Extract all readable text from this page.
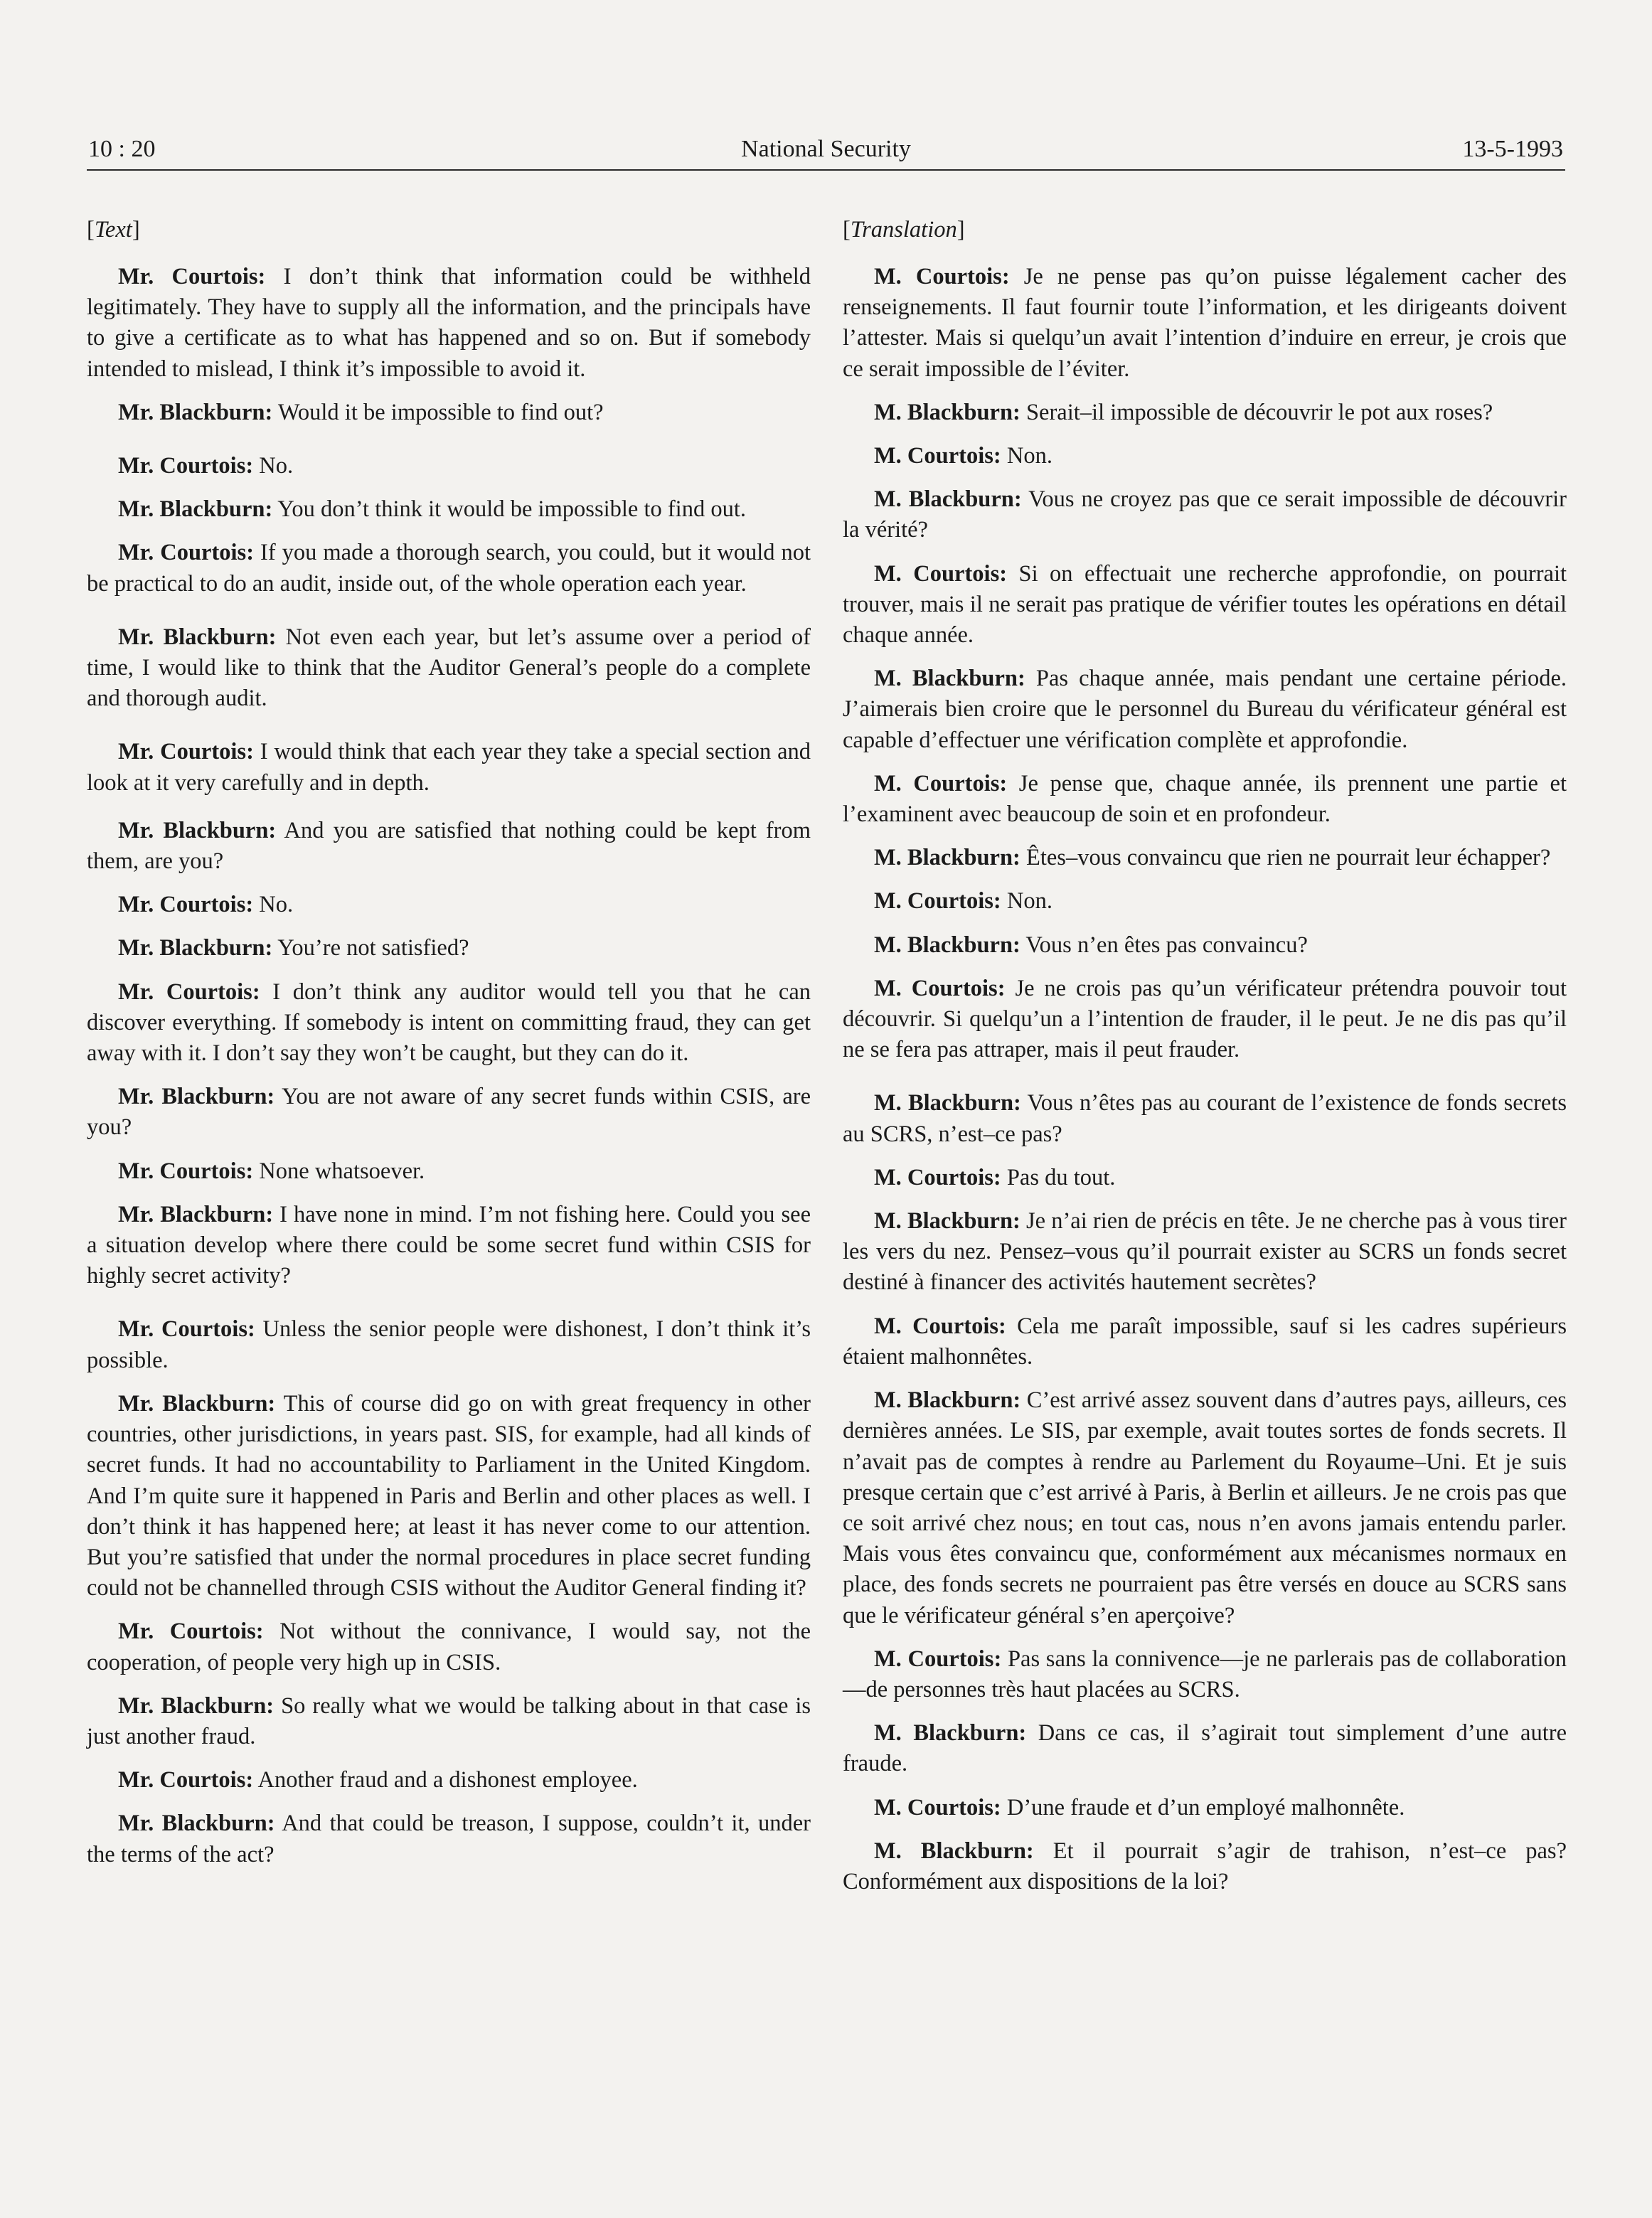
10 : 20	National Security	13-5-1993
[Text]

Mr. Courtois: I don’t think that information could be withheld legitimately. They have to supply all the information, and the principals have to give a certificate as to what has happened and so on. But if somebody intended to mislead, I think it’s impossible to avoid it.

Mr. Blackburn: Would it be impossible to find out?

Mr. Courtois: No.

Mr. Blackburn: You don’t think it would be impossible to find out.

Mr. Courtois: If you made a thorough search, you could, but it would not be practical to do an audit, inside out, of the whole operation each year.

Mr. Blackburn: Not even each year, but let’s assume over a period of time, I would like to think that the Auditor General’s people do a complete and thorough audit.

Mr. Courtois: I would think that each year they take a special section and look at it very carefully and in depth.

Mr. Blackburn: And you are satisfied that nothing could be kept from them, are you?

Mr. Courtois: No.

Mr. Blackburn: You’re not satisfied?

Mr. Courtois: I don’t think any auditor would tell you that he can discover everything. If somebody is intent on committing fraud, they can get away with it. I don’t say they won’t be caught, but they can do it.

Mr. Blackburn: You are not aware of any secret funds within CSIS, are you?

Mr. Courtois: None whatsoever.

Mr. Blackburn: I have none in mind. I’m not fishing here. Could you see a situation develop where there could be some secret fund within CSIS for highly secret activity?

Mr. Courtois: Unless the senior people were dishonest, I don’t think it’s possible.

Mr. Blackburn: This of course did go on with great frequency in other countries, other jurisdictions, in years past. SIS, for example, had all kinds of secret funds. It had no accountability to Parliament in the United Kingdom. And I’m quite sure it happened in Paris and Berlin and other places as well. I don’t think it has happened here; at least it has never come to our attention. But you’re satisfied that under the normal procedures in place secret funding could not be channelled through CSIS without the Auditor General finding it?

Mr. Courtois: Not without the connivance, I would say, not the cooperation, of people very high up in CSIS.

Mr. Blackburn: So really what we would be talking about in that case is just another fraud.

Mr. Courtois: Another fraud and a dishonest employee.

Mr. Blackburn: And that could be treason, I suppose, couldn’t it, under the terms of the act?

[Translation]

M. Courtois: Je ne pense pas qu’on puisse légalement cacher des renseignements. Il faut fournir toute l’information, et les dirigeants doivent l’attester. Mais si quelqu’un avait l’intention d’induire en erreur, je crois que ce serait impossible de l’éviter.

M. Blackburn: Serait–il impossible de découvrir le pot aux roses?

M. Courtois: Non.

M. Blackburn: Vous ne croyez pas que ce serait impossible de découvrir la vérité?

M. Courtois: Si on effectuait une recherche approfondie, on pourrait trouver, mais il ne serait pas pratique de vérifier toutes les opérations en détail chaque année.

M. Blackburn: Pas chaque année, mais pendant une certaine période. J’aimerais bien croire que le personnel du Bureau du vérificateur général est capable d’effectuer une vérification complète et approfondie.

M. Courtois: Je pense que, chaque année, ils prennent une partie et l’examinent avec beaucoup de soin et en profondeur.

M. Blackburn: Êtes–vous convaincu que rien ne pourrait leur échapper?

M. Courtois: Non.

M. Blackburn: Vous n’en êtes pas convaincu?

M. Courtois: Je ne crois pas qu’un vérificateur prétendra pouvoir tout découvrir. Si quelqu’un a l’intention de frauder, il le peut. Je ne dis pas qu’il ne se fera pas attraper, mais il peut frauder.

M. Blackburn: Vous n’êtes pas au courant de l’existence de fonds secrets au SCRS, n’est–ce pas?

M. Courtois: Pas du tout.

M. Blackburn: Je n’ai rien de précis en tête. Je ne cherche pas à vous tirer les vers du nez. Pensez–vous qu’il pourrait exister au SCRS un fonds secret destiné à financer des activités hautement secrètes?

M. Courtois: Cela me paraît impossible, sauf si les cadres supérieurs étaient malhonnêtes.

M. Blackburn: C’est arrivé assez souvent dans d’autres pays, ailleurs, ces dernières années. Le SIS, par exemple, avait toutes sortes de fonds secrets. Il n’avait pas de comptes à rendre au Parlement du Royaume–Uni. Et je suis presque certain que c’est arrivé à Paris, à Berlin et ailleurs. Je ne crois pas que ce soit arrivé chez nous; en tout cas, nous n’en avons jamais entendu parler. Mais vous êtes convaincu que, conformément aux mécanismes normaux en place, des fonds secrets ne pourraient pas être versés en douce au SCRS sans que le vérificateur général s’en aperçoive?

M. Courtois: Pas sans la connivence—je ne parlerais pas de collaboration—de personnes très haut placées au SCRS.

M. Blackburn: Dans ce cas, il s’agirait tout simplement d’une autre fraude.

M. Courtois: D’une fraude et d’un employé malhonnête.

M. Blackburn: Et il pourrait s’agir de trahison, n’est–ce pas? Conformément aux dispositions de la loi?
